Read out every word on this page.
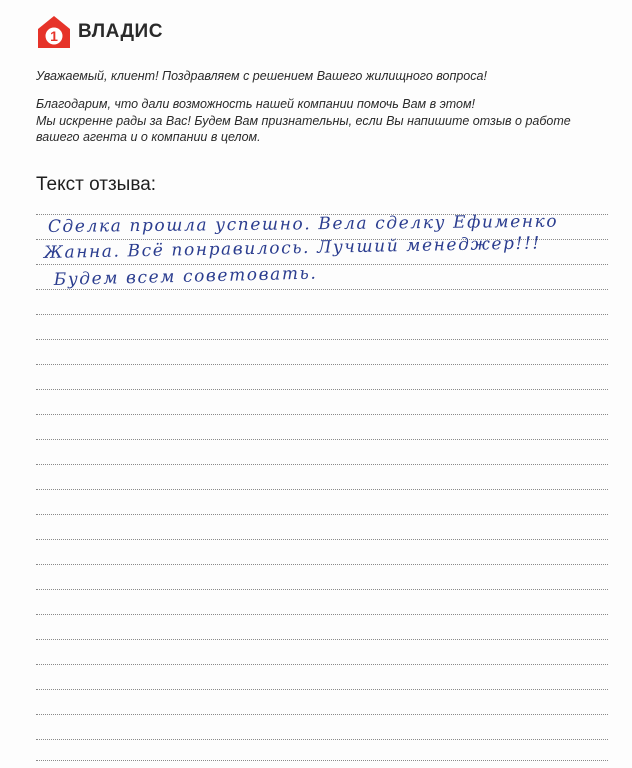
1 ВЛАДИС
Уважаемый, клиент! Поздравляем с решением Вашего жилищного вопроса!

Благодарим, что дали возможность нашей компании помочь Вам в этом!

Мы искренне рады за Вас! Будем Вам признательны, если Вы напишите отзыв о работе

вашего агента и о компании в целом.

Текст отзыва:
Сделка прошла успешно. Вела сделку Ефименко
Жанна. Всё понравилось. Лучший менеджер!!!
Будем всем советовать.
